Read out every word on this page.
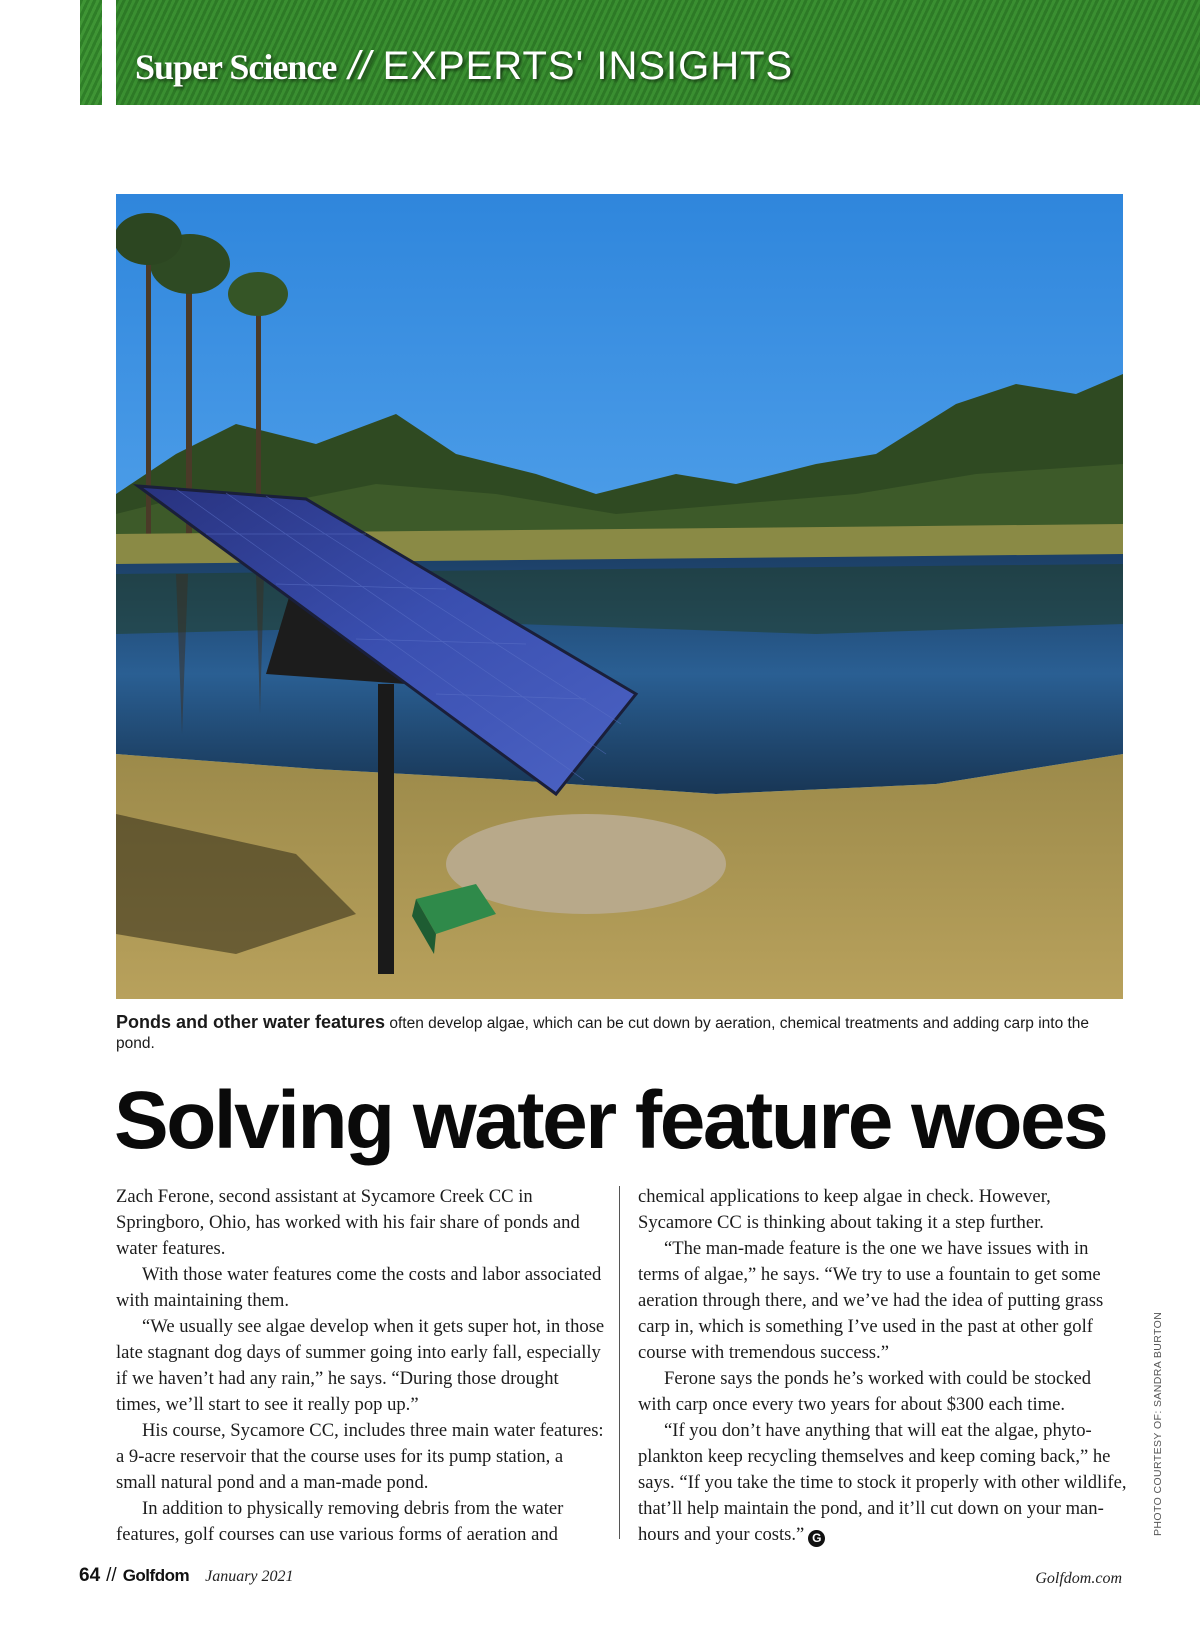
Super Science // EXPERTS' INSIGHTS
Ponds and other water features often develop algae, which can be cut down by aeration, chemical treatments and adding carp into the pond.
Solving water feature woes

Zach Ferone, second assistant at Sycamore Creek CC in Springboro, Ohio, has worked with his fair share of ponds and water features.

With those water features come the costs and labor associated with maintaining them.

“We usually see algae develop when it gets super hot, in those late stagnant dog days of summer going into early fall, especially if we haven’t had any rain,” he says. “During those drought times, we’ll start to see it really pop up.”

His course, Sycamore CC, includes three main water features: a 9-acre reservoir that the course uses for its pump station, a small natural pond and a man-made pond.

In addition to physically removing debris from the water features, golf courses can use various forms of aeration and

chemical applications to keep algae in check. However, Sycamore CC is thinking about taking it a step further.

“The man-made feature is the one we have issues with in terms of algae,” he says. “We try to use a fountain to get some aeration through there, and we’ve had the idea of putting grass carp in, which is something I’ve used in the past at other golf course with tremendous success.”

Ferone says the ponds he’s worked with could be stocked with carp once every two years for about $300 each time.

“If you don’t have anything that will eat the algae, phyto-plankton keep recycling themselves and keep coming back,” he says. “If you take the time to stock it properly with other wildlife, that’ll help maintain the pond, and it’ll cut down on your man-hours and your costs.” G

PHOTO COURTESY OF: SANDRA BURTON
64 // Golfdom January 2021	Golfdom.com
